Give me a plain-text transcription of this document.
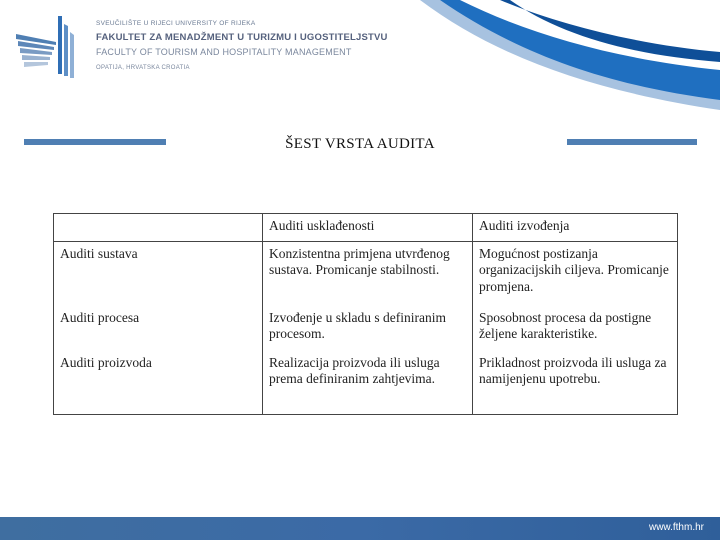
SVEUČILIŠTE U RIJECI UNIVERSITY OF RIJEKA
FAKULTET ZA MENADŽMENT U TURIZMU I UGOSTITELJSTVU
FACULTY OF TOURISM AND HOSPITALITY MANAGEMENT
OPATIJA, HRVATSKA CROATIA
ŠEST VRSTA AUDITA
	Auditi usklađenosti	Auditi izvođenja
Auditi sustava	Konzistentna primjena utvrđenog sustava. Promicanje stabilnosti.	Mogućnost postizanja organizacijskih ciljeva. Promicanje promjena.
Auditi procesa	Izvođenje u skladu s definiranim procesom.	Sposobnost procesa da postigne željene karakteristike.
Auditi proizvoda	Realizacija proizvoda ili usluga prema definiranim zahtjevima.	Prikladnost proizvoda ili usluga za namijenjenu upotrebu.
www.fthm.hr
